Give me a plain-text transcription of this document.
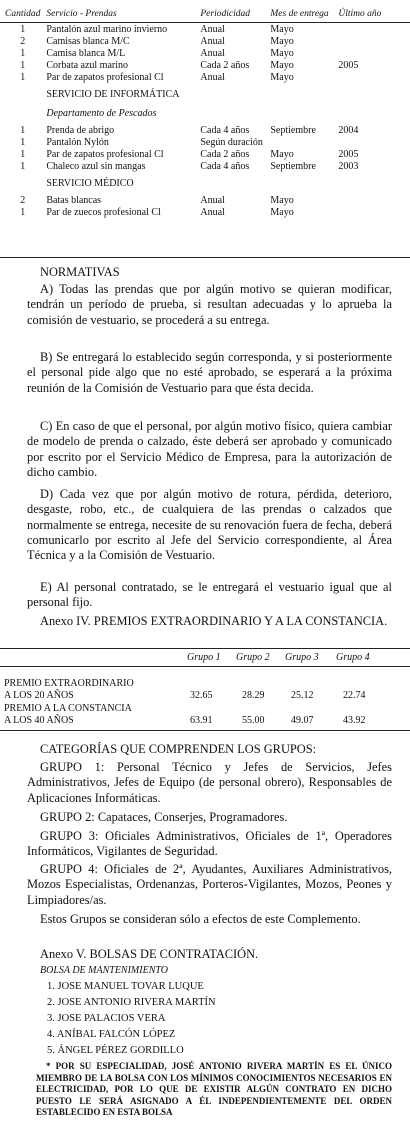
Cantidad	Servicio - Prendas	Periodicidad	Mes de entrega	Último año

1	Pantalón azul marino invierno	Anual	Mayo	
2	Camisas blanca M/C	Anual	Mayo	
1	Camisa blanca M/L	Anual	Mayo	
1	Corbata azul marino	Cada 2 años	Mayo	2005
1	Par de zapatos profesional Cl	Anual	Mayo	
	SERVICIO DE INFORMÁTICA			
	Departamento de Pescados			
1	Prenda de abrigo	Cada 4 años	Septiembre	2004
1	Pantalón Nylón	Según duración		
1	Par de zapatos profesional Cl	Cada 2 años	Mayo	2005
1	Chaleco azul sin mangas	Cada 4 años	Septiembre	2003
	SERVICIO MÉDICO			
2	Batas blancas	Anual	Mayo	
1	Par de zuecos profesional Cl	Anual	Mayo	

NORMATIVAS

A) Todas las prendas que por algún motivo se quieran modificar, tendrán un período de prueba, si resultan adecuadas y lo aprueba la comisión de vestuario, se procederá a su entrega.
B) Se entregará lo establecido según corresponda, y si posteriormente el personal pide algo que no esté aprobado, se esperará a la próxima reunión de la Comisión de Vestuario para que ésta decida.
C) En caso de que el personal, por algún motivo físico, quiera cambiar de modelo de prenda o calzado, éste deberá ser aprobado y comunicado por escrito por el Servicio Médico de Empresa, para la autorización de dicho cambio.
D) Cada vez que por algún motivo de rotura, pérdida, deterioro, desgaste, robo, etc., de cualquiera de las prendas o calzados que normalmente se entrega, necesite de su renovación fuera de fecha, deberá comunicarlo por escrito al Jefe del Servicio correspondiente, al Área Técnica y a la Comisión de Vestuario.
E) Al personal contratado, se le entregará el vestuario igual que al personal fijo.
Anexo IV. PREMIOS EXTRAORDINARIO Y A LA CONSTANCIA.
Grupo 1 Grupo 2 Grupo 3 Grupo 4
PREMIO EXTRAORDINARIO
A LOS 20 AÑOS	32.65	28.29	25.12	22.74
PREMIO A LA CONSTANCIA
A LOS 40 AÑOS	63.91	55.00	49.07	43.92
CATEGORÍAS QUE COMPRENDEN LOS GRUPOS:
GRUPO 1: Personal Técnico y Jefes de Servicios, Jefes Administrativos, Jefes de Equipo (de personal obrero), Responsables de Aplicaciones Informáticas.
GRUPO 2: Capataces, Conserjes, Programadores.
GRUPO 3: Oficiales Administrativos, Oficiales de 1ª, Operadores Informáticos, Vigilantes de Seguridad.
GRUPO 4: Oficiales de 2ª, Ayudantes, Auxiliares Administrativos, Mozos Especialistas, Ordenanzas, Porteros-Vigilantes, Mozos, Peones y Limpiadores/as.
Estos Grupos se consideran sólo a efectos de este Complemento.
Anexo V. BOLSAS DE CONTRATACIÓN.
BOLSA DE MANTENIMIENTO
1. JOSE MANUEL TOVAR LUQUE
2. JOSE ANTONIO RIVERA MARTÍN
3. JOSE PALACIOS VERA
4. ANÍBAL FALCÓN LÓPEZ
5. ÁNGEL PÉREZ GORDILLO
* POR SU ESPECIALIDAD, JOSÉ ANTONIO RIVERA MARTÍN ES EL ÚNICO MIEMBRO DE LA BOLSA CON LOS MÍNIMOS CONOCIMIENTOS NECESARIOS EN ELECTRICIDAD, POR LO QUE DE EXISTIR ALGÚN CONTRATO EN DICHO PUESTO LE SERÁ ASIGNADO A ÉL INDEPENDIENTEMENTE DEL ORDEN ESTABLECIDO EN ESTA BOLSA
